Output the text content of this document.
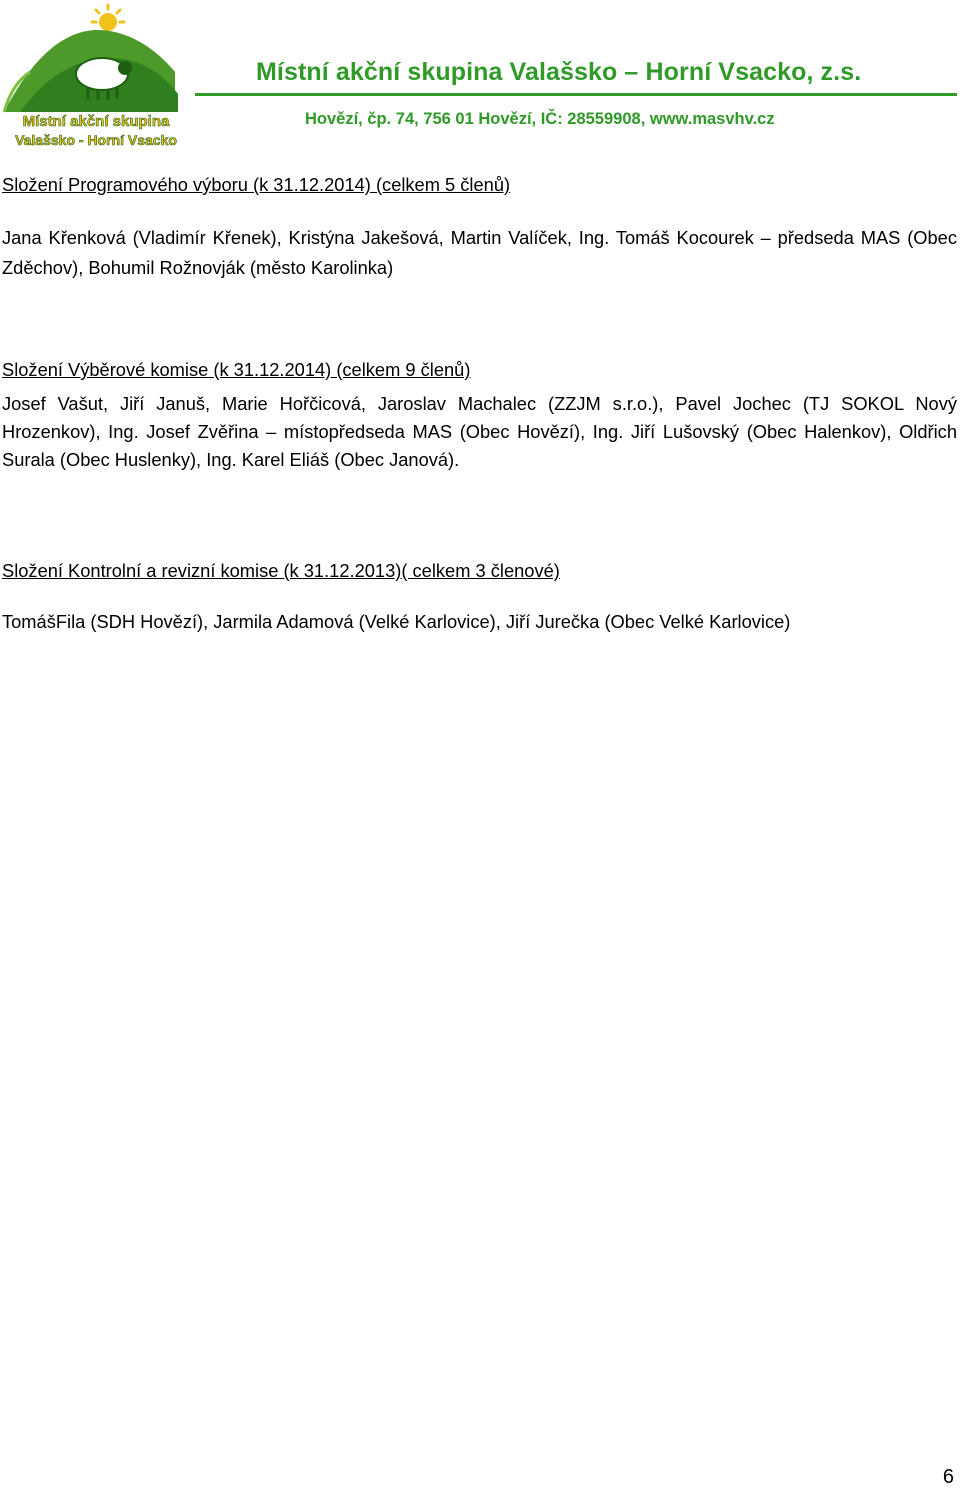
Místní akční skupina
Valašsko - Horní Vsacko
Místní akční skupina Valašsko – Horní Vsacko, z.s.
Hovězí, čp. 74, 756 01 Hovězí, IČ: 28559908, www.masvhv.cz
Složení Programového výboru (k 31.12.2014) (celkem 5 členů)
Jana Křenková (Vladimír Křenek), Kristýna Jakešová, Martin Valíček, Ing. Tomáš Kocourek – předseda MAS (Obec Zděchov), Bohumil Rožnovják (město Karolinka)
Složení Výběrové komise (k 31.12.2014) (celkem 9 členů)
Josef Vašut, Jiří Januš, Marie Hořčicová, Jaroslav Machalec (ZZJM s.r.o.), Pavel Jochec (TJ SOKOL Nový Hrozenkov), Ing. Josef Zvěřina – místopředseda MAS (Obec Hovězí), Ing. Jiří Lušovský (Obec Halenkov), Oldřich Surala (Obec Huslenky), Ing. Karel Eliáš (Obec Janová).
Složení Kontrolní a revizní komise (k 31.12.2013)( celkem 3 členové)
TomášFila (SDH Hovězí), Jarmila Adamová (Velké Karlovice), Jiří Jurečka (Obec Velké Karlovice)
6
